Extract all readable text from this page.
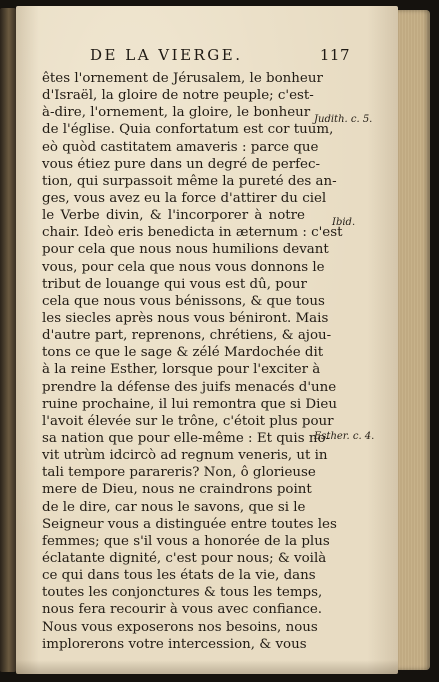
DE LA VIERGE.	117
êtes l'ornement de Jérusalem, le bonheur
d'Israël, la gloire de notre peuple; c'est-
à-dire, l'ornement, la gloire, le bonheur
de l'église. Quia confortatum est cor tuum,
eò quòd castitatem amaveris : parce que
vous étiez pure dans un degré de perfec-
tion, qui surpassoit même la pureté des an-
ges, vous avez eu la force d'attirer du ciel
le Verbe divin, & l'incorporer à notre
chair. Ideò eris benedicta in æternum : c'est
pour cela que nous nous humilions devant
vous, pour cela que nous vous donnons le
tribut de louange qui vous est dû, pour
cela que nous vous bénissons, & que tous
les siecles après nous vous béniront. Mais
d'autre part, reprenons, chrétiens, & ajou-
tons ce que le sage & zélé Mardochée dit
à la reine Esther, lorsque pour l'exciter à
prendre la défense des juifs menacés d'une
ruine prochaine, il lui remontra que si Dieu
l'avoit élevée sur le trône, c'étoit plus pour
sa nation que pour elle-même : Et quis no-
vit utrùm idcircò ad regnum veneris, ut in
tali tempore parareris? Non, ô glorieuse
mere de Dieu, nous ne craindrons point
de le dire, car nous le savons, que si le
Seigneur vous a distinguée entre toutes les
femmes; que s'il vous a honorée de la plus
éclatante dignité, c'est pour nous; & voilà
ce qui dans tous les états de la vie, dans
toutes les conjonctures & tous les temps,
nous fera recourir à vous avec confiance.
Nous vous exposerons nos besoins, nous
implorerons votre intercession, & vous
Judith. c. 5.
Ibid.
Esther. c. 4.
